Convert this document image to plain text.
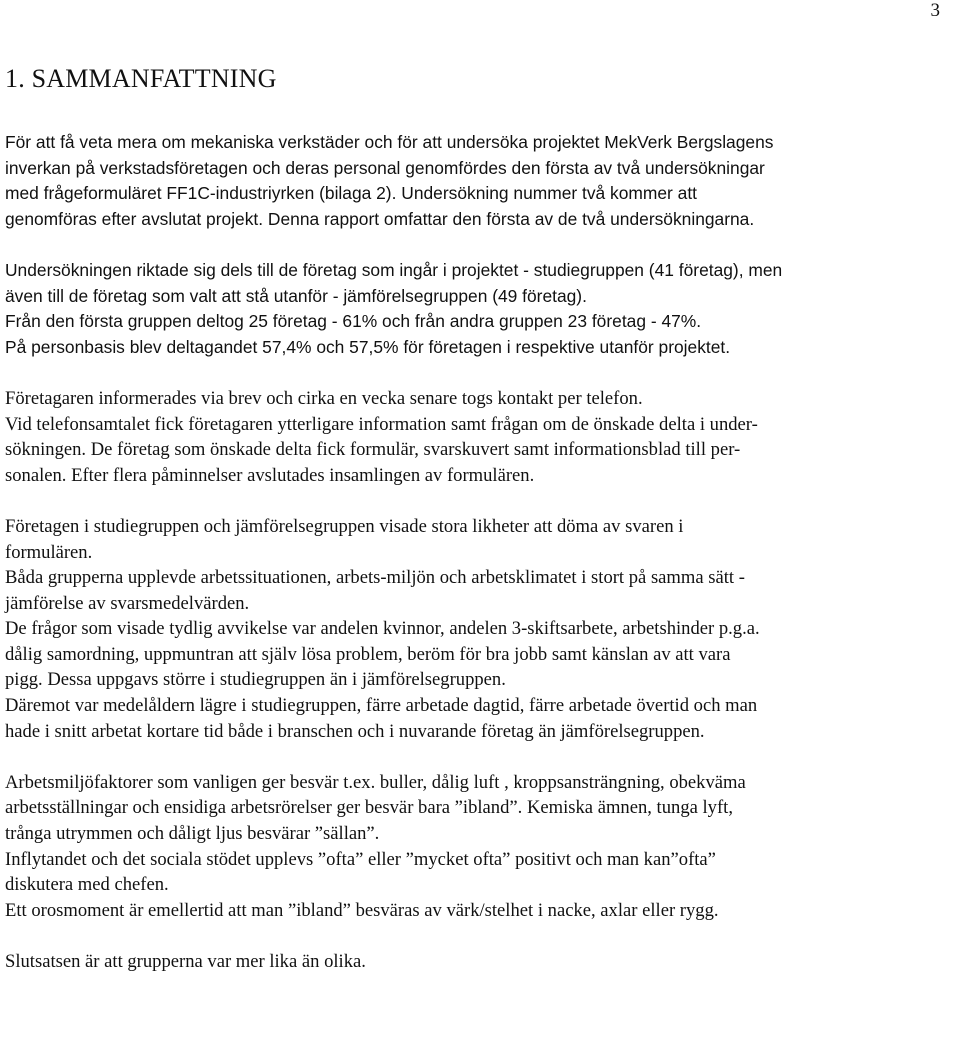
3
1. SAMMANFATTNING
För att få veta mera om mekaniska verkstäder och för att undersöka projektet MekVerk Bergslagens
inverkan på verkstadsföretagen och deras personal genomfördes den första av två undersökningar
med frågeformuläret FF1C-industriyrken (bilaga 2). Undersökning nummer två kommer att
genomföras efter avslutat projekt. Denna rapport omfattar den första av de två undersökningarna.
Undersökningen riktade sig dels till de företag som ingår i projektet - studiegruppen (41 företag), men
även till de företag som valt att stå utanför - jämförelsegruppen (49 företag).
Från den första gruppen deltog 25 företag - 61% och från andra gruppen 23 företag - 47%.
På personbasis blev deltagandet 57,4% och 57,5% för företagen i respektive utanför projektet.
Företagaren informerades via brev och cirka en vecka senare togs kontakt per telefon.
Vid telefonsamtalet fick företagaren ytterligare information samt frågan om de önskade delta i under-
sökningen. De företag som önskade delta fick formulär, svarskuvert samt informationsblad till per-
sonalen. Efter flera påminnelser avslutades insamlingen av formulären.
Företagen i studiegruppen och jämförelsegruppen visade stora likheter att döma av svaren i
formulären.
Båda grupperna upplevde arbetssituationen, arbets-miljön och arbetsklimatet i stort på samma sätt -
jämförelse av svarsmedelvärden.
De frågor som visade tydlig avvikelse var andelen kvinnor, andelen 3-skiftsarbete, arbetshinder p.g.a.
dålig samordning, uppmuntran att själv lösa problem, beröm för bra jobb samt känslan av att vara
pigg. Dessa uppgavs större i studiegruppen än i jämförelsegruppen.
Däremot var medelåldern lägre i studiegruppen, färre arbetade dagtid, färre arbetade övertid och man
hade i snitt arbetat kortare tid både i branschen och i nuvarande företag än jämförelsegruppen.
Arbetsmiljöfaktorer som vanligen ger besvär t.ex. buller, dålig luft , kroppsansträngning, obekväma
arbetsställningar och ensidiga arbetsrörelser ger besvär bara ”ibland”. Kemiska ämnen, tunga lyft,
trånga utrymmen och dåligt ljus besvärar ”sällan”.
Inflytandet och det sociala stödet upplevs ”ofta” eller ”mycket ofta” positivt och man kan”ofta”
diskutera med chefen.
Ett orosmoment är emellertid att man ”ibland” besväras av värk/stelhet i nacke, axlar eller rygg.
Slutsatsen är att grupperna var mer lika än olika.
